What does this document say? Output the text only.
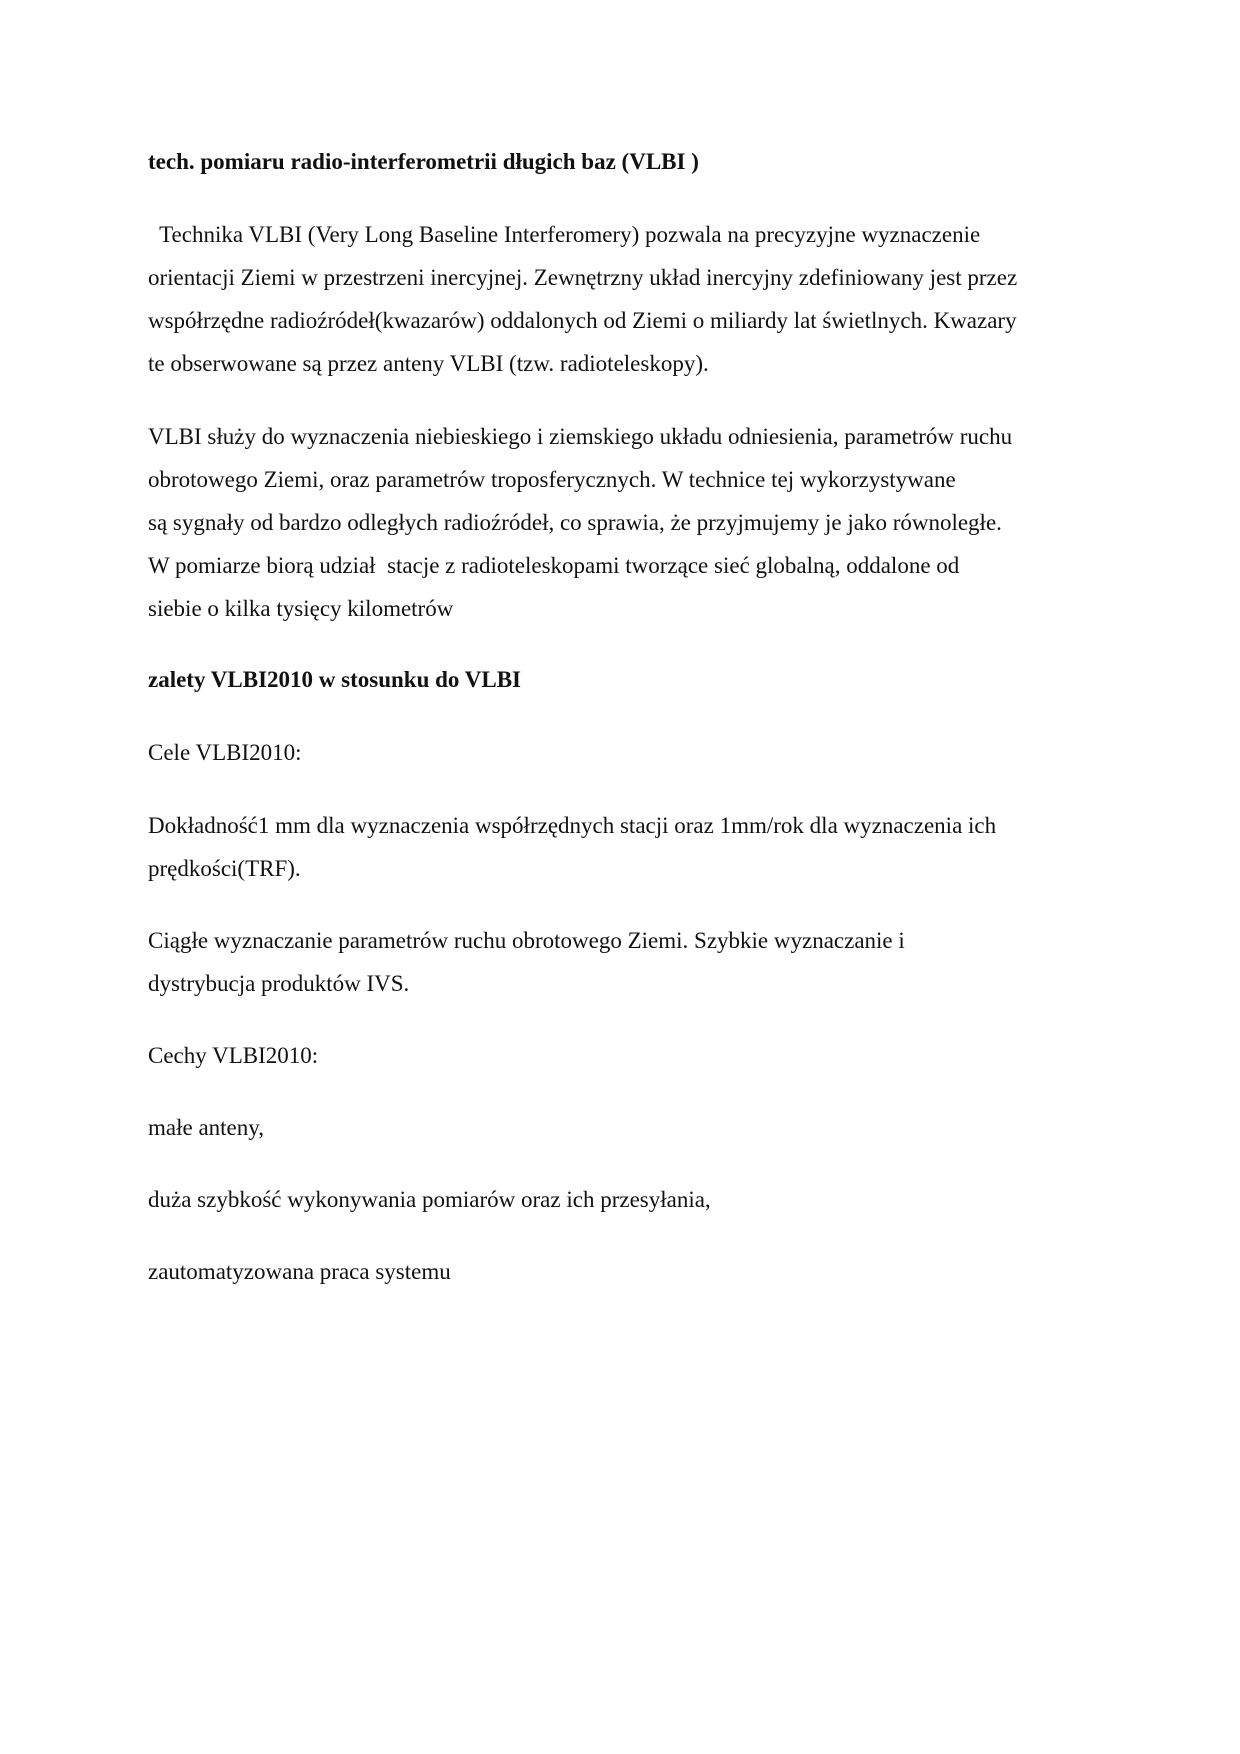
tech. pomiaru radio-interferometrii długich baz (VLBI )
Technika VLBI (Very Long Baseline Interferomery) pozwala na precyzyjne wyznaczenie
orientacji Ziemi w przestrzeni inercyjnej. Zewnętrzny układ inercyjny zdefiniowany jest przez
współrzędne radioźródeł(kwazarów) oddalonych od Ziemi o miliardy lat świetlnych. Kwazary
te obserwowane są przez anteny VLBI (tzw. radioteleskopy).
VLBI służy do wyznaczenia niebieskiego i ziemskiego układu odniesienia, parametrów ruchu
obrotowego Ziemi, oraz parametrów troposferycznych. W technice tej wykorzystywane
są sygnały od bardzo odległych radioźródeł, co sprawia, że przyjmujemy je jako równoległe.
W pomiarze biorą udział  stacje z radioteleskopami tworzące sieć globalną, oddalone od
siebie o kilka tysięcy kilometrów
zalety VLBI2010 w stosunku do VLBI
Cele VLBI2010:
Dokładność1 mm dla wyznaczenia współrzędnych stacji oraz 1mm/rok dla wyznaczenia ich
prędkości(TRF).
Ciągłe wyznaczanie parametrów ruchu obrotowego Ziemi. Szybkie wyznaczanie i
dystrybucja produktów IVS.
Cechy VLBI2010:
małe anteny,
duża szybkość wykonywania pomiarów oraz ich przesyłania,
zautomatyzowana praca systemu
